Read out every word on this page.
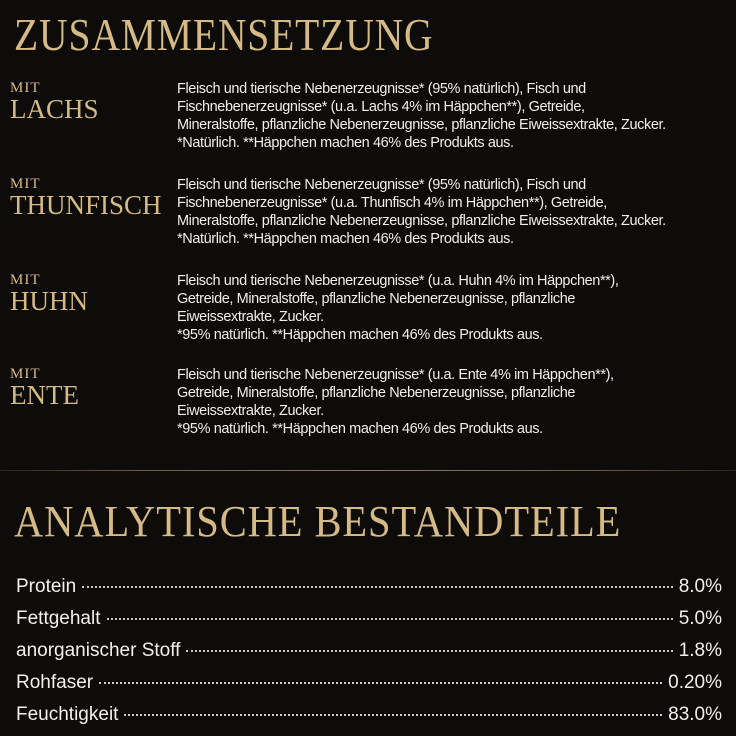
ZUSAMMENSETZUNG
MIT
LACHS

Fleisch und tierische Nebenerzeugnisse* (95% natürlich), Fisch und

Fischnebenerzeugnisse* (u.a. Lachs 4% im Häppchen**), Getreide,

Mineralstoffe, pflanzliche Nebenerzeugnisse, pflanzliche Eiweissextrakte, Zucker.

*Natürlich. **Häppchen machen 46% des Produkts aus.

MIT
THUNFISCH

Fleisch und tierische Nebenerzeugnisse* (95% natürlich), Fisch und

Fischnebenerzeugnisse* (u.a. Thunfisch 4% im Häppchen**), Getreide,

Mineralstoffe, pflanzliche Nebenerzeugnisse, pflanzliche Eiweissextrakte, Zucker.

*Natürlich. **Häppchen machen 46% des Produkts aus.

MIT
HUHN

Fleisch und tierische Nebenerzeugnisse* (u.a. Huhn 4% im Häppchen**),

Getreide, Mineralstoffe, pflanzliche Nebenerzeugnisse, pflanzliche

Eiweissextrakte, Zucker.

*95% natürlich. **Häppchen machen 46% des Produkts aus.

MIT
ENTE

Fleisch und tierische Nebenerzeugnisse* (u.a. Ente 4% im Häppchen**),

Getreide, Mineralstoffe, pflanzliche Nebenerzeugnisse, pflanzliche

Eiweissextrakte, Zucker.

*95% natürlich. **Häppchen machen 46% des Produkts aus.

ANALYTISCHE BESTANDTEILE
Protein	8.0%
Fettgehalt	5.0%
anorganischer Stoff	1.8%
Rohfaser	0.20%
Feuchtigkeit	83.0%
